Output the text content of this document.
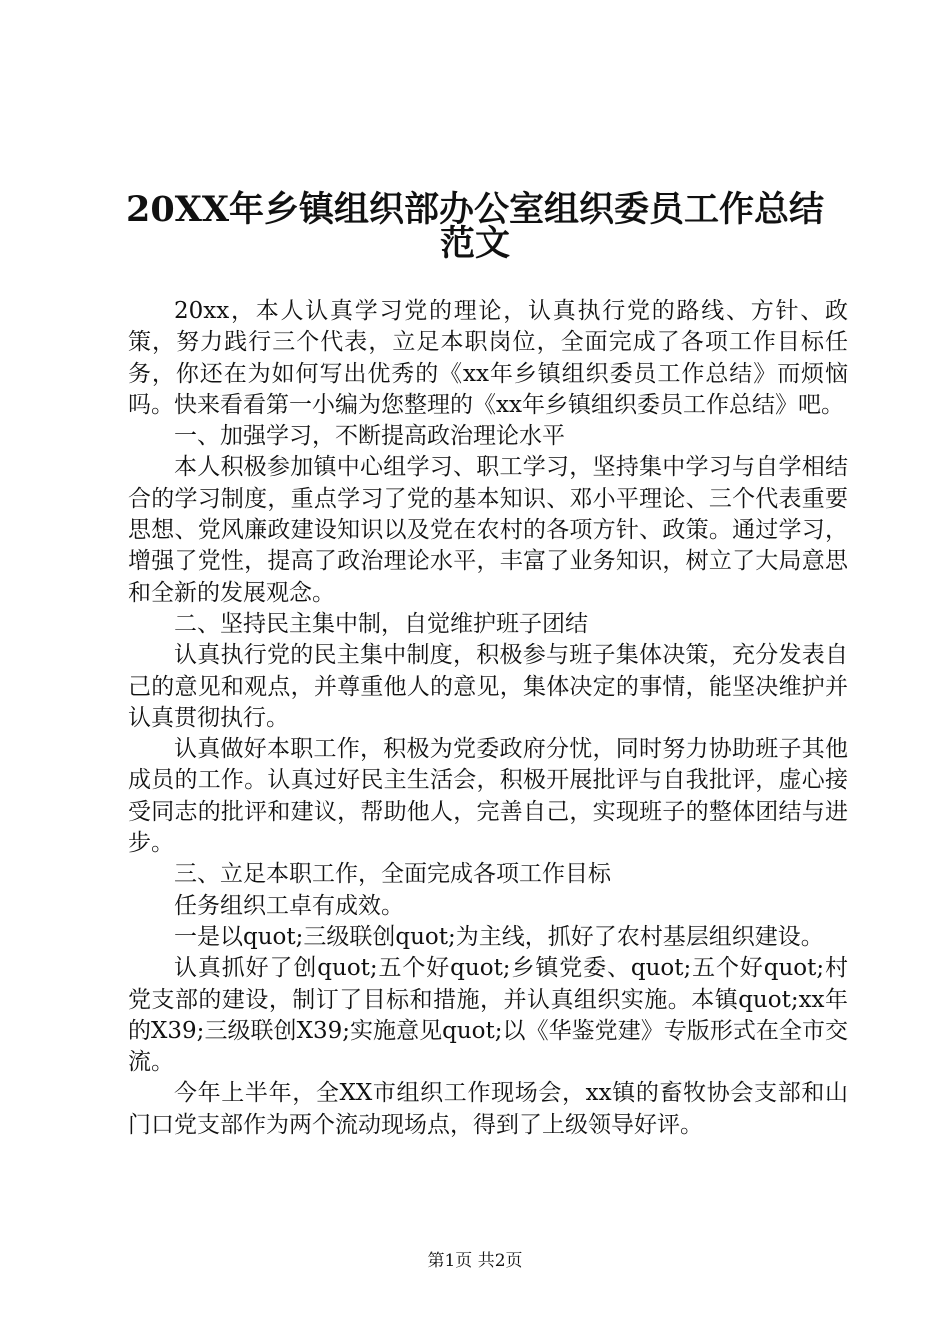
20XX年乡镇组织部办公室组织委员工作总结
范文

20xx，本人认真学习党的理论，认真执行党的路线、方针、政策，努力践行三个代表，立足本职岗位，全面完成了各项工作目标任务，你还在为如何写出优秀的《xx年乡镇组织委员工作总结》而烦恼吗。快来看看第一小编为您整理的《xx年乡镇组织委员工作总结》吧。

一、加强学习，不断提高政治理论水平

本人积极参加镇中心组学习、职工学习，坚持集中学习与自学相结合的学习制度，重点学习了党的基本知识、邓小平理论、三个代表重要思想、党风廉政建设知识以及党在农村的各项方针、政策。通过学习，增强了党性，提高了政治理论水平，丰富了业务知识，树立了大局意思和全新的发展观念。

二、坚持民主集中制，自觉维护班子团结

认真执行党的民主集中制度，积极参与班子集体决策，充分发表自己的意见和观点，并尊重他人的意见，集体决定的事情，能坚决维护并认真贯彻执行。

认真做好本职工作，积极为党委政府分忧，同时努力协助班子其他成员的工作。认真过好民主生活会，积极开展批评与自我批评，虚心接受同志的批评和建议，帮助他人，完善自己，实现班子的整体团结与进步。

三、立足本职工作，全面完成各项工作目标

任务组织工卓有成效。

一是以quot;三级联创quot;为主线，抓好了农村基层组织建设。

认真抓好了创quot;五个好quot;乡镇党委、quot;五个好quot;村党支部的建设，制订了目标和措施，并认真组织实施。本镇quot;xx年的X39;三级联创X39;实施意见quot;以《华鉴党建》专版形式在全市交流。

今年上半年，全XX市组织工作现场会，xx镇的畜牧协会支部和山门口党支部作为两个流动现场点，得到了上级领导好评。

第1页 共2页
